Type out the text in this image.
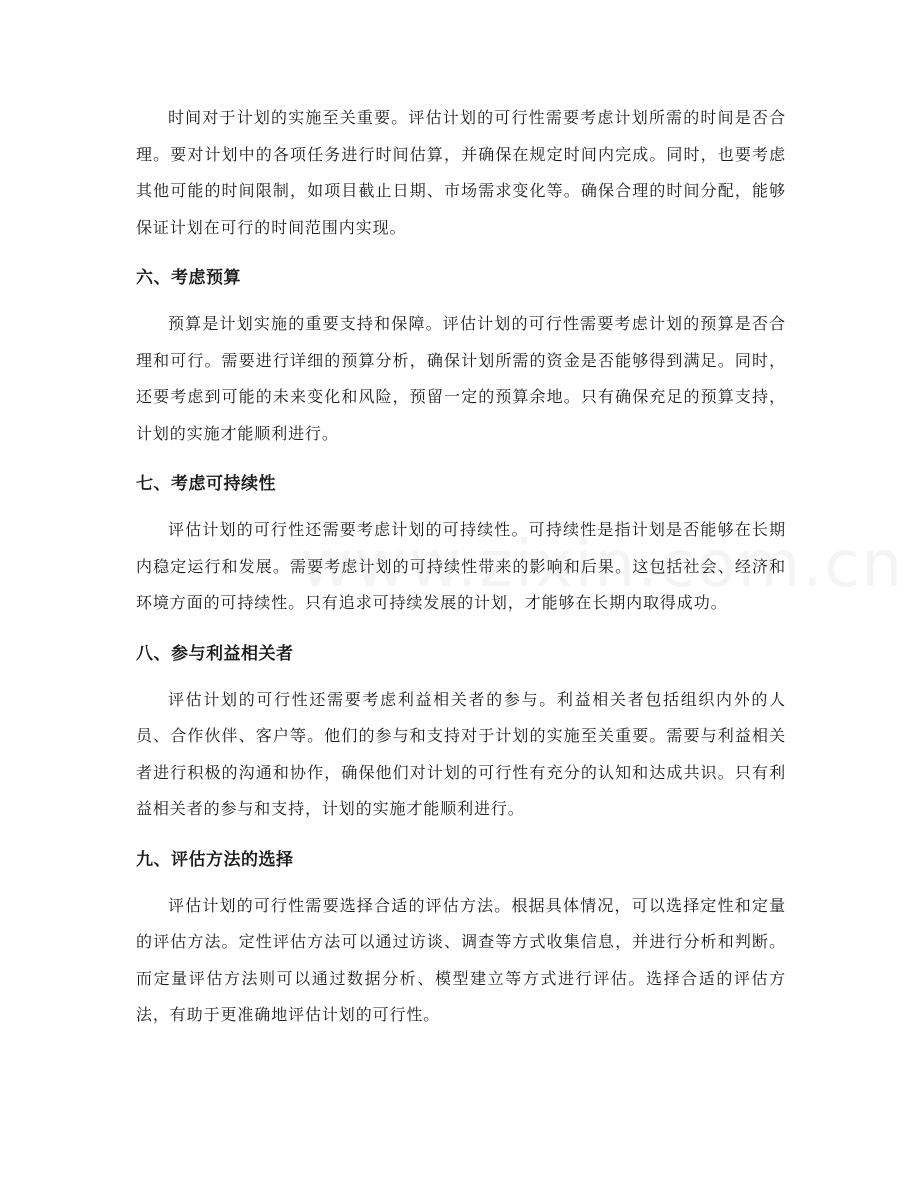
时间对于计划的实施至关重要。评估计划的可行性需要考虑计划所需的时间是否合理。要对计划中的各项任务进行时间估算，并确保在规定时间内完成。同时，也要考虑其他可能的时间限制，如项目截止日期、市场需求变化等。确保合理的时间分配，能够保证计划在可行的时间范围内实现。

六、考虑预算

预算是计划实施的重要支持和保障。评估计划的可行性需要考虑计划的预算是否合理和可行。需要进行详细的预算分析，确保计划所需的资金是否能够得到满足。同时，还要考虑到可能的未来变化和风险，预留一定的预算余地。只有确保充足的预算支持，计划的实施才能顺利进行。

七、考虑可持续性

评估计划的可行性还需要考虑计划的可持续性。可持续性是指计划是否能够在长期内稳定运行和发展。需要考虑计划的可持续性带来的影响和后果。这包括社会、经济和环境方面的可持续性。只有追求可持续发展的计划，才能够在长期内取得成功。

八、参与利益相关者

评估计划的可行性还需要考虑利益相关者的参与。利益相关者包括组织内外的人员、合作伙伴、客户等。他们的参与和支持对于计划的实施至关重要。需要与利益相关者进行积极的沟通和协作，确保他们对计划的可行性有充分的认知和达成共识。只有利益相关者的参与和支持，计划的实施才能顺利进行。

九、评估方法的选择

评估计划的可行性需要选择合适的评估方法。根据具体情况，可以选择定性和定量的评估方法。定性评估方法可以通过访谈、调查等方式收集信息，并进行分析和判断。而定量评估方法则可以通过数据分析、模型建立等方式进行评估。选择合适的评估方法，有助于更准确地评估计划的可行性。
